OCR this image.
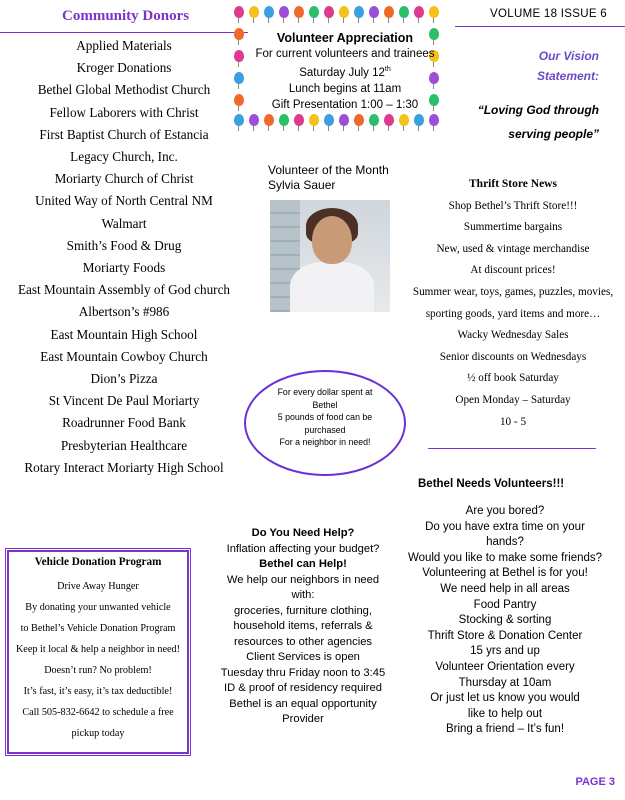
Community Donors
Applied Materials
Kroger Donations
Bethel Global Methodist Church
Fellow Laborers with Christ
First Baptist Church of Estancia
Legacy Church, Inc.
Moriarty Church of Christ
United Way of North Central NM
Walmart
Smith’s Food & Drug
Moriarty Foods
East Mountain Assembly of God church
Albertson’s #986
East Mountain High School
East Mountain Cowboy Church
Dion’s Pizza
St Vincent De Paul Moriarty
Roadrunner Food Bank
Presbyterian Healthcare
Rotary Interact Moriarty High School
Volunteer Appreciation
For current volunteers and trainees
Saturday July 12th
Lunch begins at 11am
Gift Presentation 1:00 – 1:30
VOLUME 18 ISSUE 6
Our Vision
Statement:
“Loving God through
serving people”
Volunteer of the Month
Sylvia Sauer	Thrift Store News
Shop Bethel’s Thrift Store!!!
Summertime bargains
New, used & vintage merchandise
At discount prices!
Summer wear, toys, games, puzzles, movies,
sporting goods, yard items and more…
Wacky Wednesday Sales
Senior discounts on Wednesdays
½ off book Saturday
Open Monday – Saturday
10 - 5
For every dollar spent at
Bethel
5 pounds of food can be
purchased
For a neighbor in need!
Vehicle Donation Program

Drive Away Hunger

By donating your unwanted vehicle

to Bethel’s Vehicle Donation Program

Keep it local & help a neighbor in need!

Doesn’t run? No problem!

It’s fast, it’s easy, it’s tax deductible!

Call 505-832-6642 to schedule a free

pickup today

Do You Need Help?
Inflation affecting your budget?
Bethel can Help!
We help our neighbors in need
with:
groceries, furniture clothing,
household items, referrals &
resources to other agencies
Client Services is open
Tuesday thru Friday noon to 3:45
ID & proof of residency required
Bethel is an equal opportunity
Provider
Bethel Needs Volunteers!!!
Are you bored?
Do you have extra time on your
hands?
Would you like to make some friends?
Volunteering at Bethel is for you!
We need help in all areas
Food Pantry
Stocking & sorting
Thrift Store & Donation Center
15 yrs and up
Volunteer Orientation every
Thursday at 10am
Or just let us know you would
like to help out
Bring a friend – It’s fun!
PAGE 3
